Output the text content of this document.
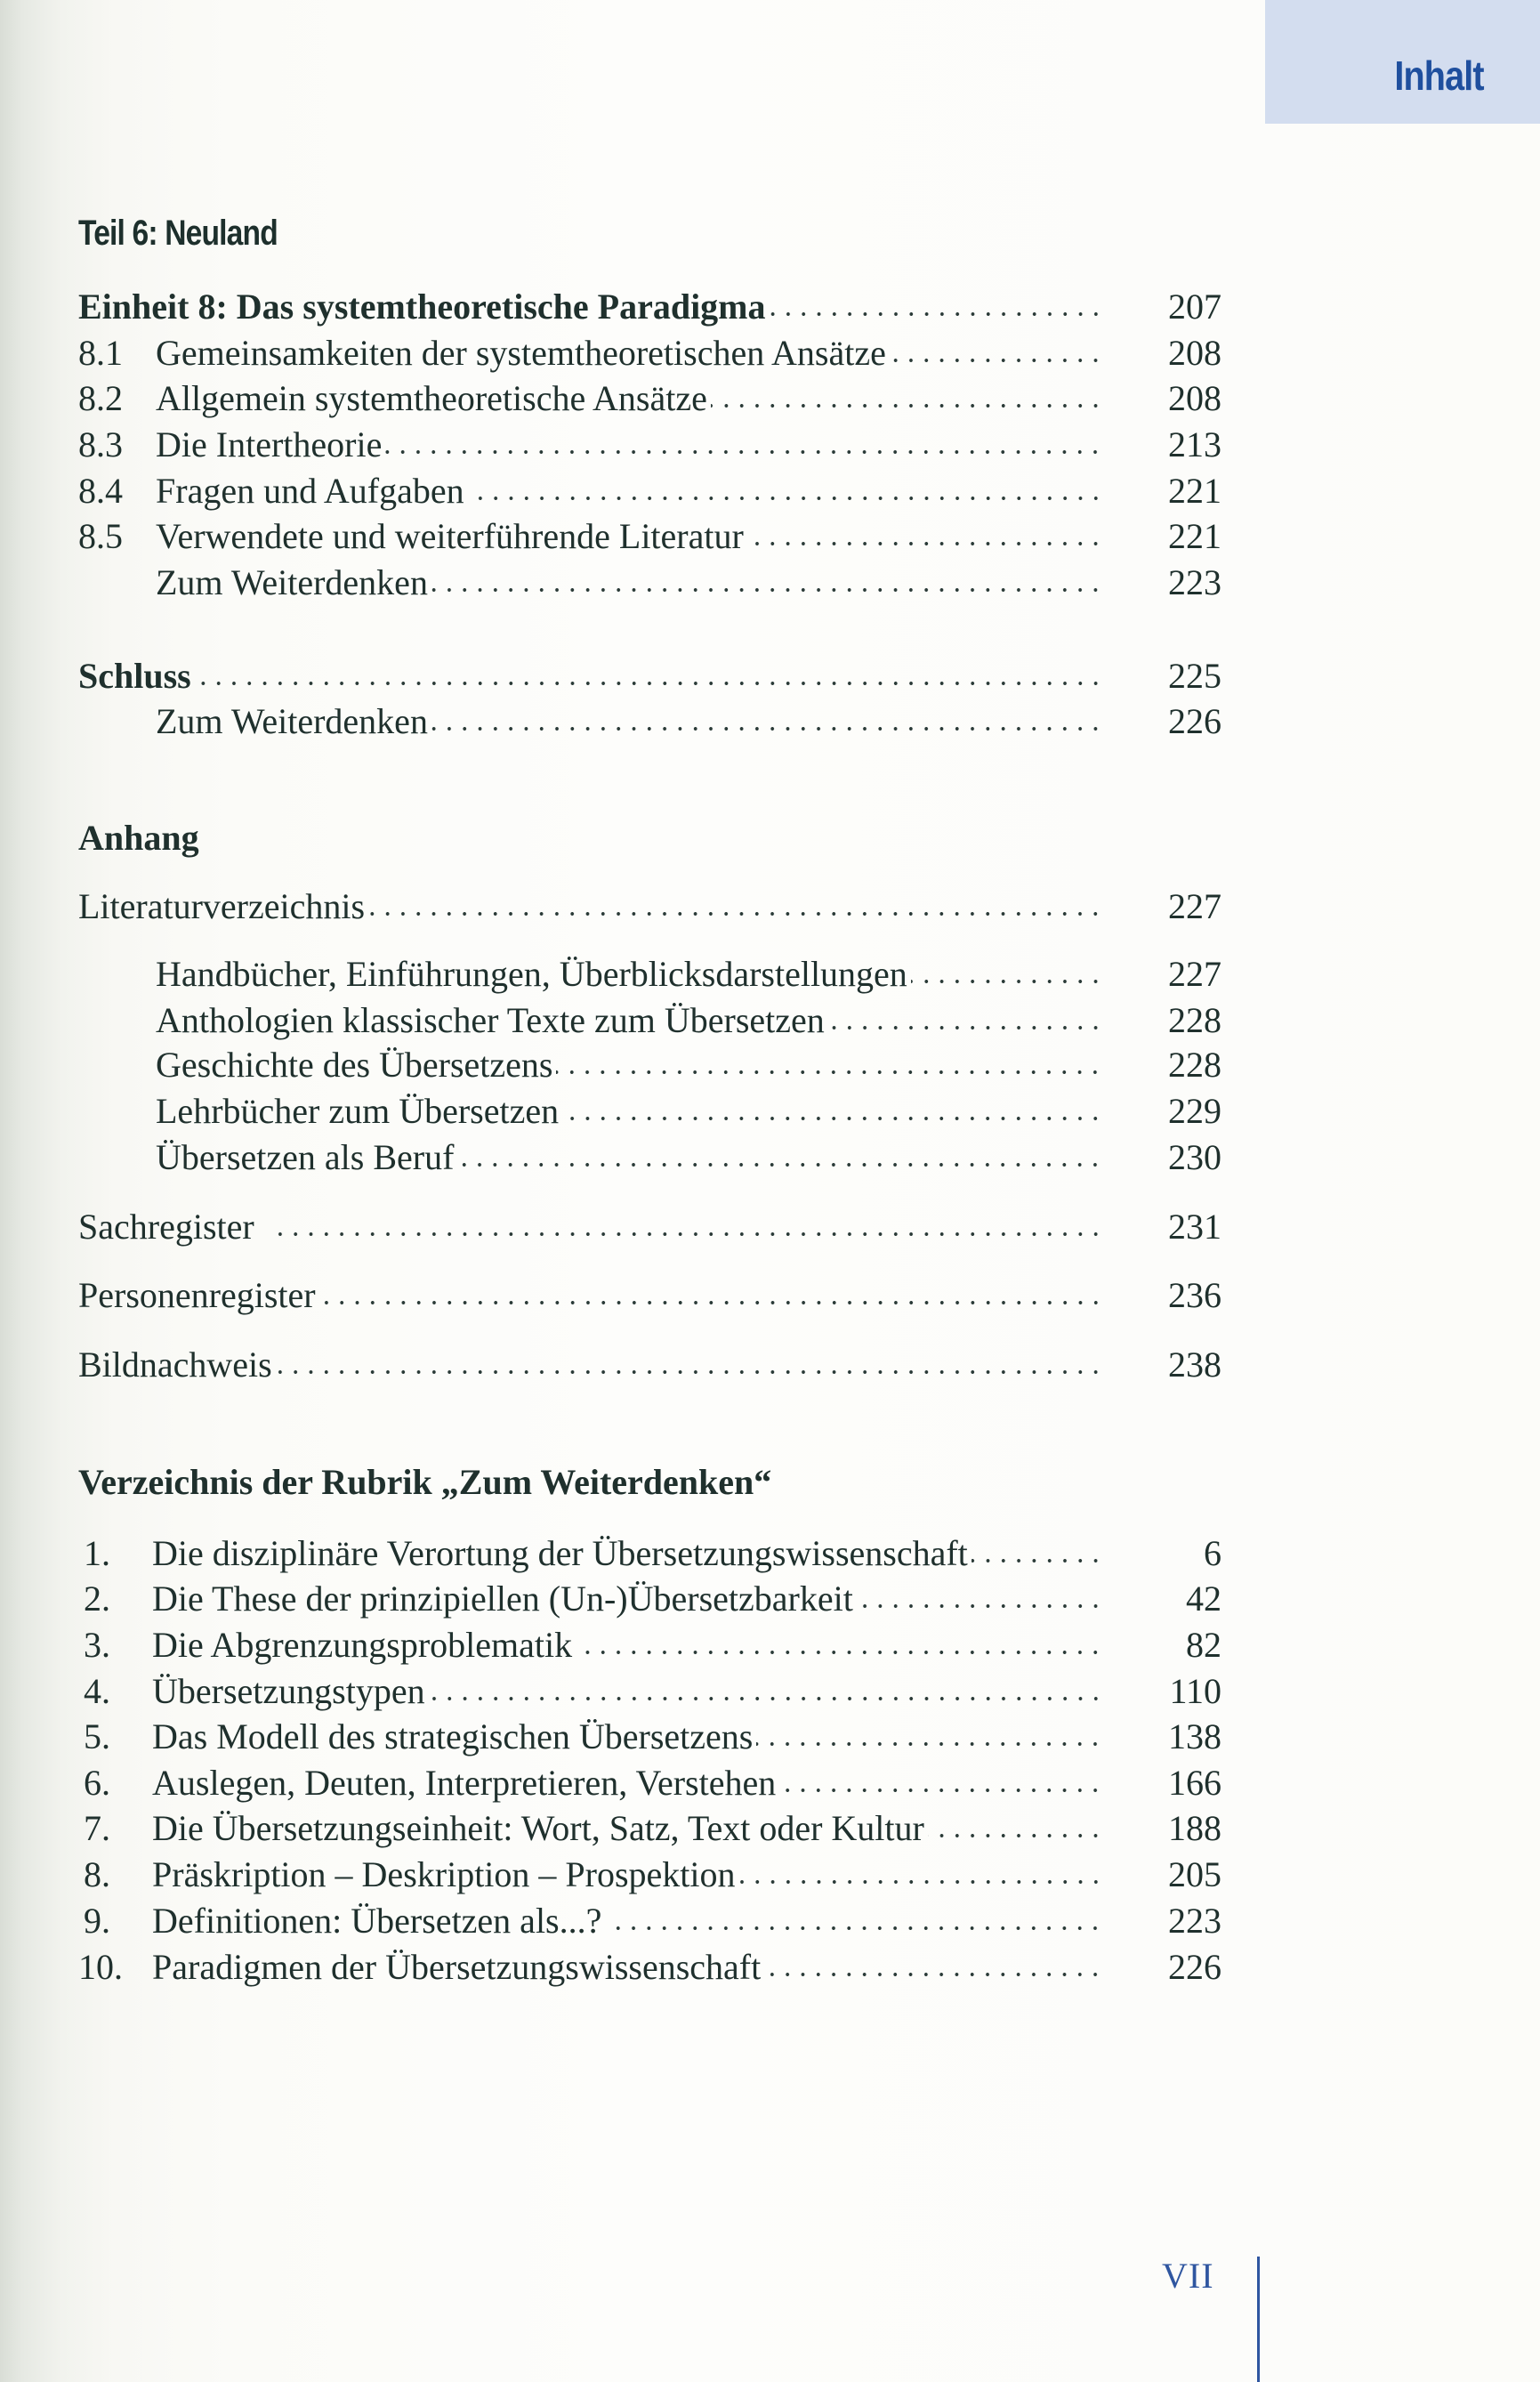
Inhalt
Teil 6: Neuland
Einheit 8: Das systemtheoretische Paradigma	207
8.1 Gemeinsamkeiten der systemtheoretischen Ansätze	208
8.2 Allgemein systemtheoretische Ansätze	208
8.3 Die Intertheorie	213
8.4 Fragen und Aufgaben	221
8.5 Verwendete und weiterführende Literatur	221
Zum Weiterdenken	223
Schluss	225
Zum Weiterdenken	226
Anhang
Literaturverzeichnis	227
Handbücher, Einführungen, Überblicksdarstellungen	227
Anthologien klassischer Texte zum Übersetzen	228
Geschichte des Übersetzens	228
Lehrbücher zum Übersetzen	229
Übersetzen als Beruf	230
Sachregister	231
Personenregister	236
Bildnachweis	238
Verzeichnis der Rubrik „Zum Weiterdenken“
1. Die disziplinäre Verortung der Übersetzungswissenschaft	6
2. Die These der prinzipiellen (Un-)Übersetzbarkeit	42
3. Die Abgrenzungsproblematik	82
4. Übersetzungstypen	110
5. Das Modell des strategischen Übersetzens	138
6. Auslegen, Deuten, Interpretieren, Verstehen	166
7. Die Übersetzungseinheit: Wort, Satz, Text oder Kultur	188
8. Präskription – Deskription – Prospektion	205
9. Definitionen: Übersetzen als...?	223
10. Paradigmen der Übersetzungswissenschaft	226
VII
